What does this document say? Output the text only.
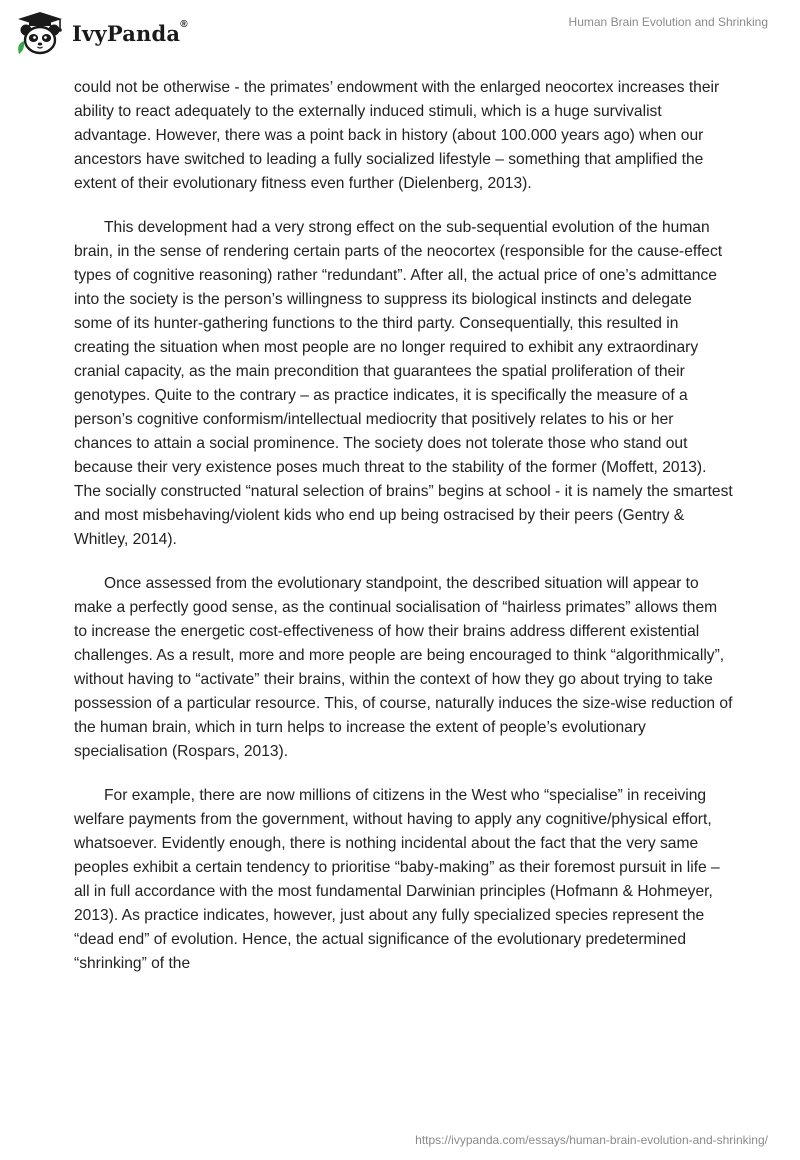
IvyPanda®	Human Brain Evolution and Shrinking

could not be otherwise - the primates’ endowment with the enlarged neocortex increases their ability to react adequately to the externally induced stimuli, which is a huge survivalist advantage. However, there was a point back in history (about 100.000 years ago) when our ancestors have switched to leading a fully socialized lifestyle – something that amplified the extent of their evolutionary fitness even further (Dielenberg, 2013).

This development had a very strong effect on the sub-sequential evolution of the human brain, in the sense of rendering certain parts of the neocortex (responsible for the cause-effect types of cognitive reasoning) rather “redundant”. After all, the actual price of one’s admittance into the society is the person’s willingness to suppress its biological instincts and delegate some of its hunter-gathering functions to the third party. Consequentially, this resulted in creating the situation when most people are no longer required to exhibit any extraordinary cranial capacity, as the main precondition that guarantees the spatial proliferation of their genotypes. Quite to the contrary – as practice indicates, it is specifically the measure of a person’s cognitive conformism/intellectual mediocrity that positively relates to his or her chances to attain a social prominence. The society does not tolerate those who stand out because their very existence poses much threat to the stability of the former (Moffett, 2013). The socially constructed “natural selection of brains” begins at school - it is namely the smartest and most misbehaving/violent kids who end up being ostracised by their peers (Gentry & Whitley, 2014).

Once assessed from the evolutionary standpoint, the described situation will appear to make a perfectly good sense, as the continual socialisation of “hairless primates” allows them to increase the energetic cost-effectiveness of how their brains address different existential challenges. As a result, more and more people are being encouraged to think “algorithmically”, without having to “activate” their brains, within the context of how they go about trying to take possession of a particular resource. This, of course, naturally induces the size-wise reduction of the human brain, which in turn helps to increase the extent of people’s evolutionary specialisation (Rospars, 2013).

For example, there are now millions of citizens in the West who “specialise” in receiving welfare payments from the government, without having to apply any cognitive/physical effort, whatsoever. Evidently enough, there is nothing incidental about the fact that the very same peoples exhibit a certain tendency to prioritise “baby-making” as their foremost pursuit in life – all in full accordance with the most fundamental Darwinian principles (Hofmann & Hohmeyer, 2013). As practice indicates, however, just about any fully specialized species represent the “dead end” of evolution. Hence, the actual significance of the evolutionary predetermined “shrinking” of the

https://ivypanda.com/essays/human-brain-evolution-and-shrinking/
